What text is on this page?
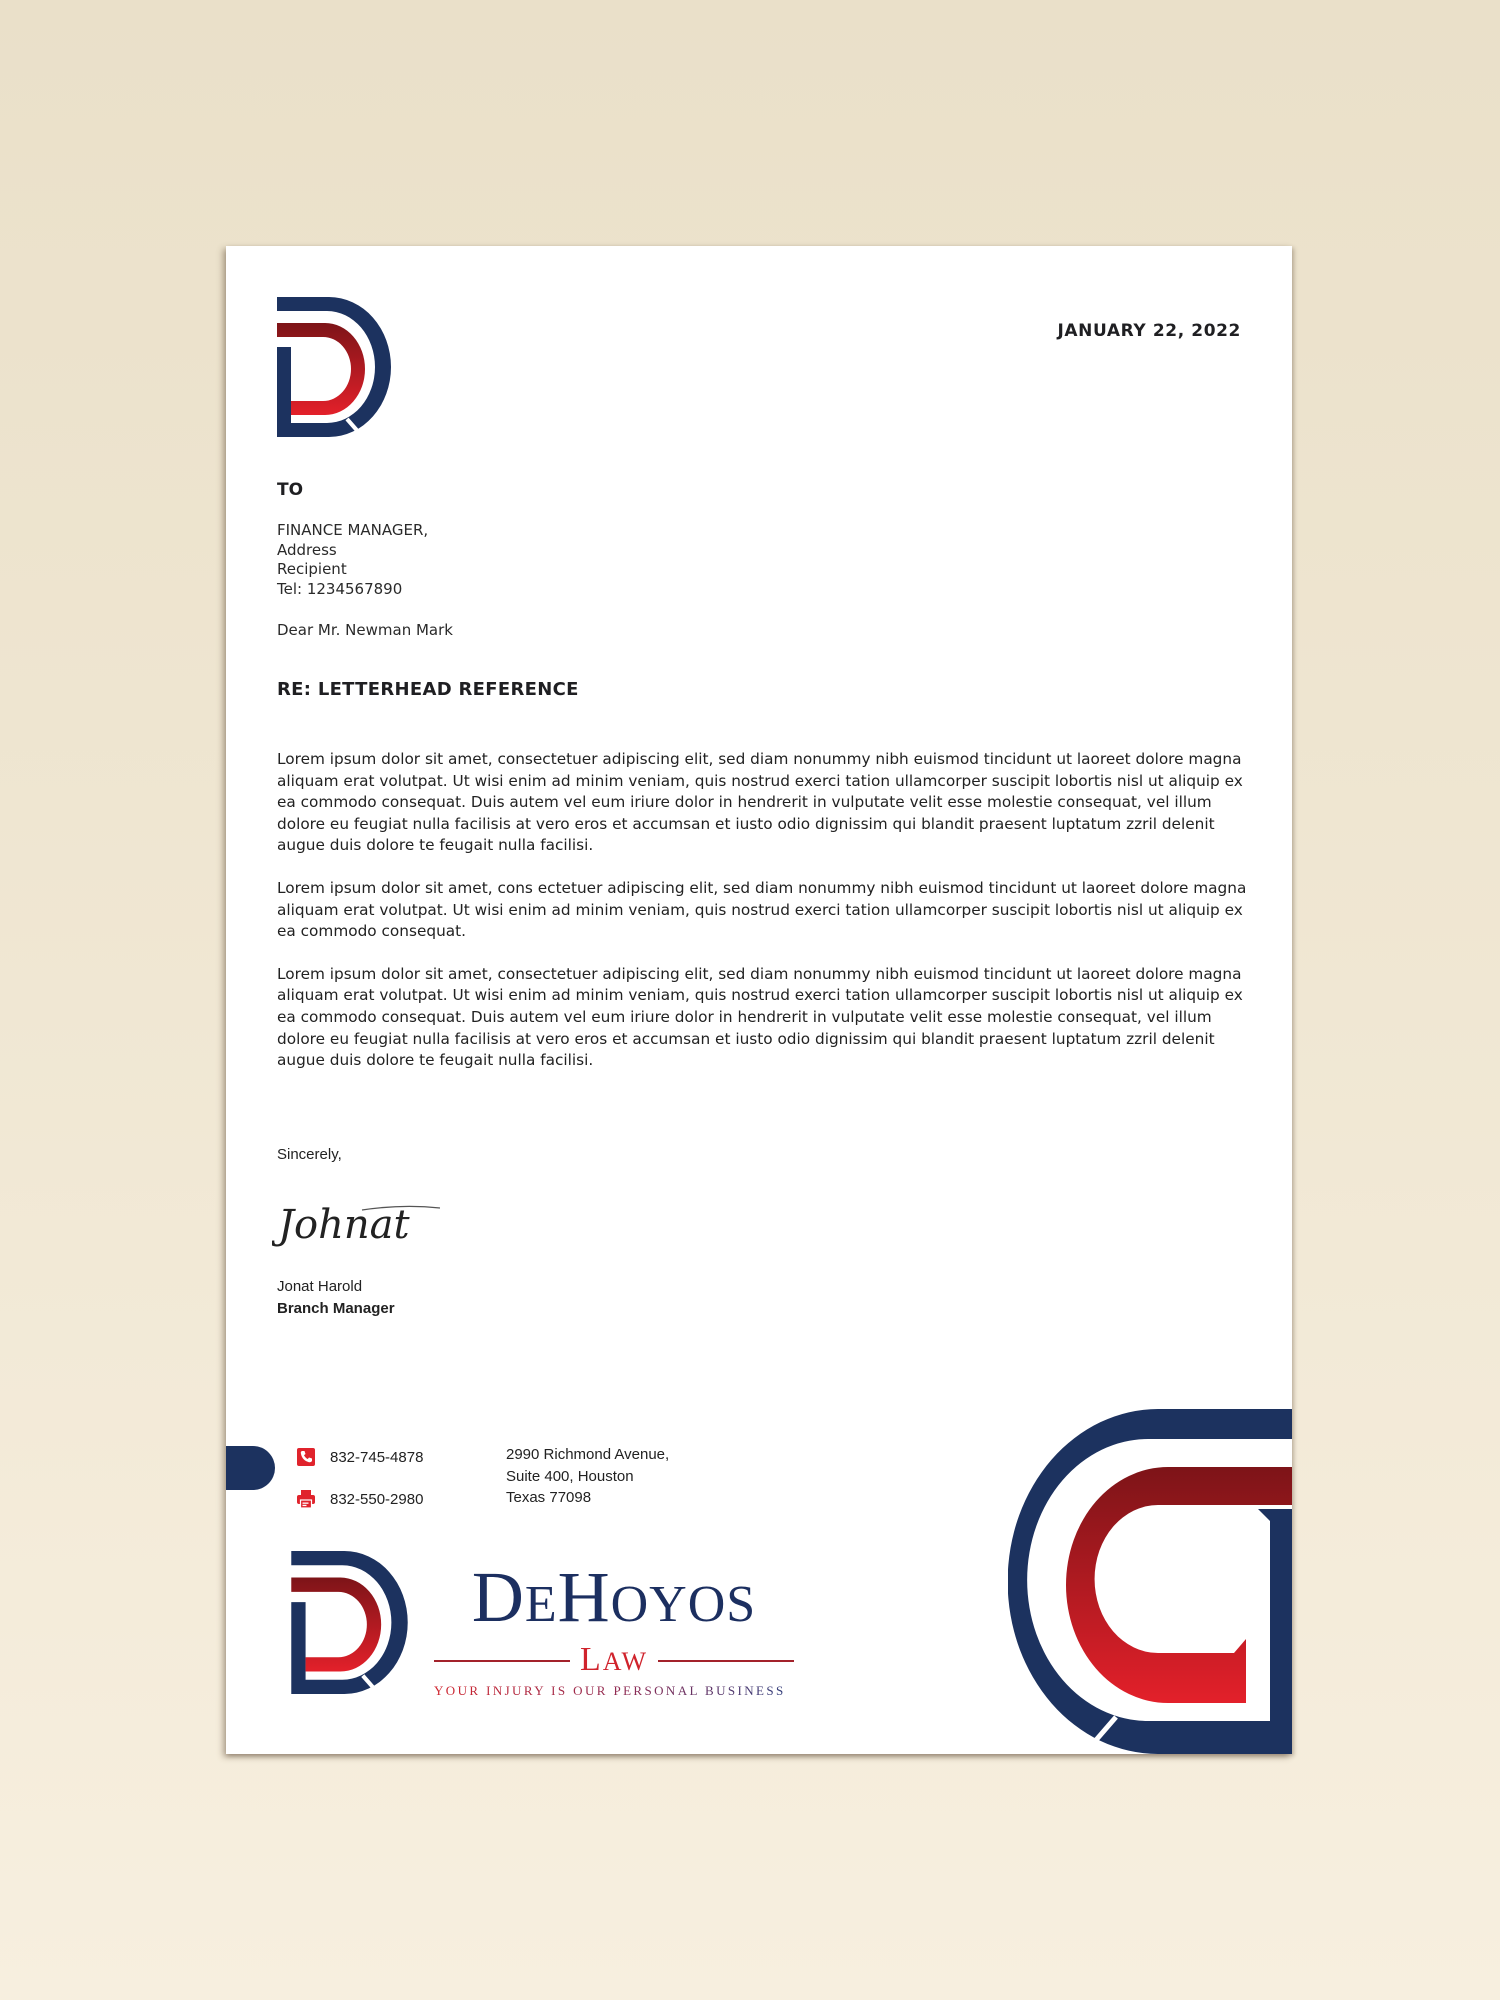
JANUARY 22, 2022
TO
FINANCE MANAGER,
Address
Recipient
Tel: 1234567890
Dear Mr. Newman Mark
RE: LETTERHEAD REFERENCE

Lorem ipsum dolor sit amet, consectetuer adipiscing elit, sed diam nonummy nibh euismod tincidunt ut laoreet dolore magna aliquam erat volutpat. Ut wisi enim ad minim veniam, quis nostrud exerci tation ullamcorper suscipit lobortis nisl ut aliquip ex ea commodo consequat. Duis autem vel eum iriure dolor in hendrerit in vulputate velit esse molestie consequat, vel illum dolore eu feugiat nulla facilisis at vero eros et accumsan et iusto odio dignissim qui blandit praesent luptatum zzril delenit augue duis dolore te feugait nulla facilisi.

Lorem ipsum dolor sit amet, cons ectetuer adipiscing elit, sed diam nonummy nibh euismod tincidunt ut laoreet dolore magna aliquam erat volutpat. Ut wisi enim ad minim veniam, quis nostrud exerci tation ullamcorper suscipit lobortis nisl ut aliquip ex ea commodo consequat.

Lorem ipsum dolor sit amet, consectetuer adipiscing elit, sed diam nonummy nibh euismod tincidunt ut laoreet dolore magna aliquam erat volutpat. Ut wisi enim ad minim veniam, quis nostrud exerci tation ullamcorper suscipit lobortis nisl ut aliquip ex ea commodo consequat. Duis autem vel eum iriure dolor in hendrerit in vulputate velit esse molestie consequat, vel illum dolore eu feugiat nulla facilisis at vero eros et accumsan et iusto odio dignissim qui blandit praesent luptatum zzril delenit augue duis dolore te feugait nulla facilisi.

Sincerely,
Johnat
Jonat Harold
Branch Manager
832-745-4878
832-550-2980
2990 Richmond Avenue,
Suite 400, Houston
Texas 77098
DEHOYOS
LAW
YOUR INJURY IS OUR PERSONAL BUSINESS
